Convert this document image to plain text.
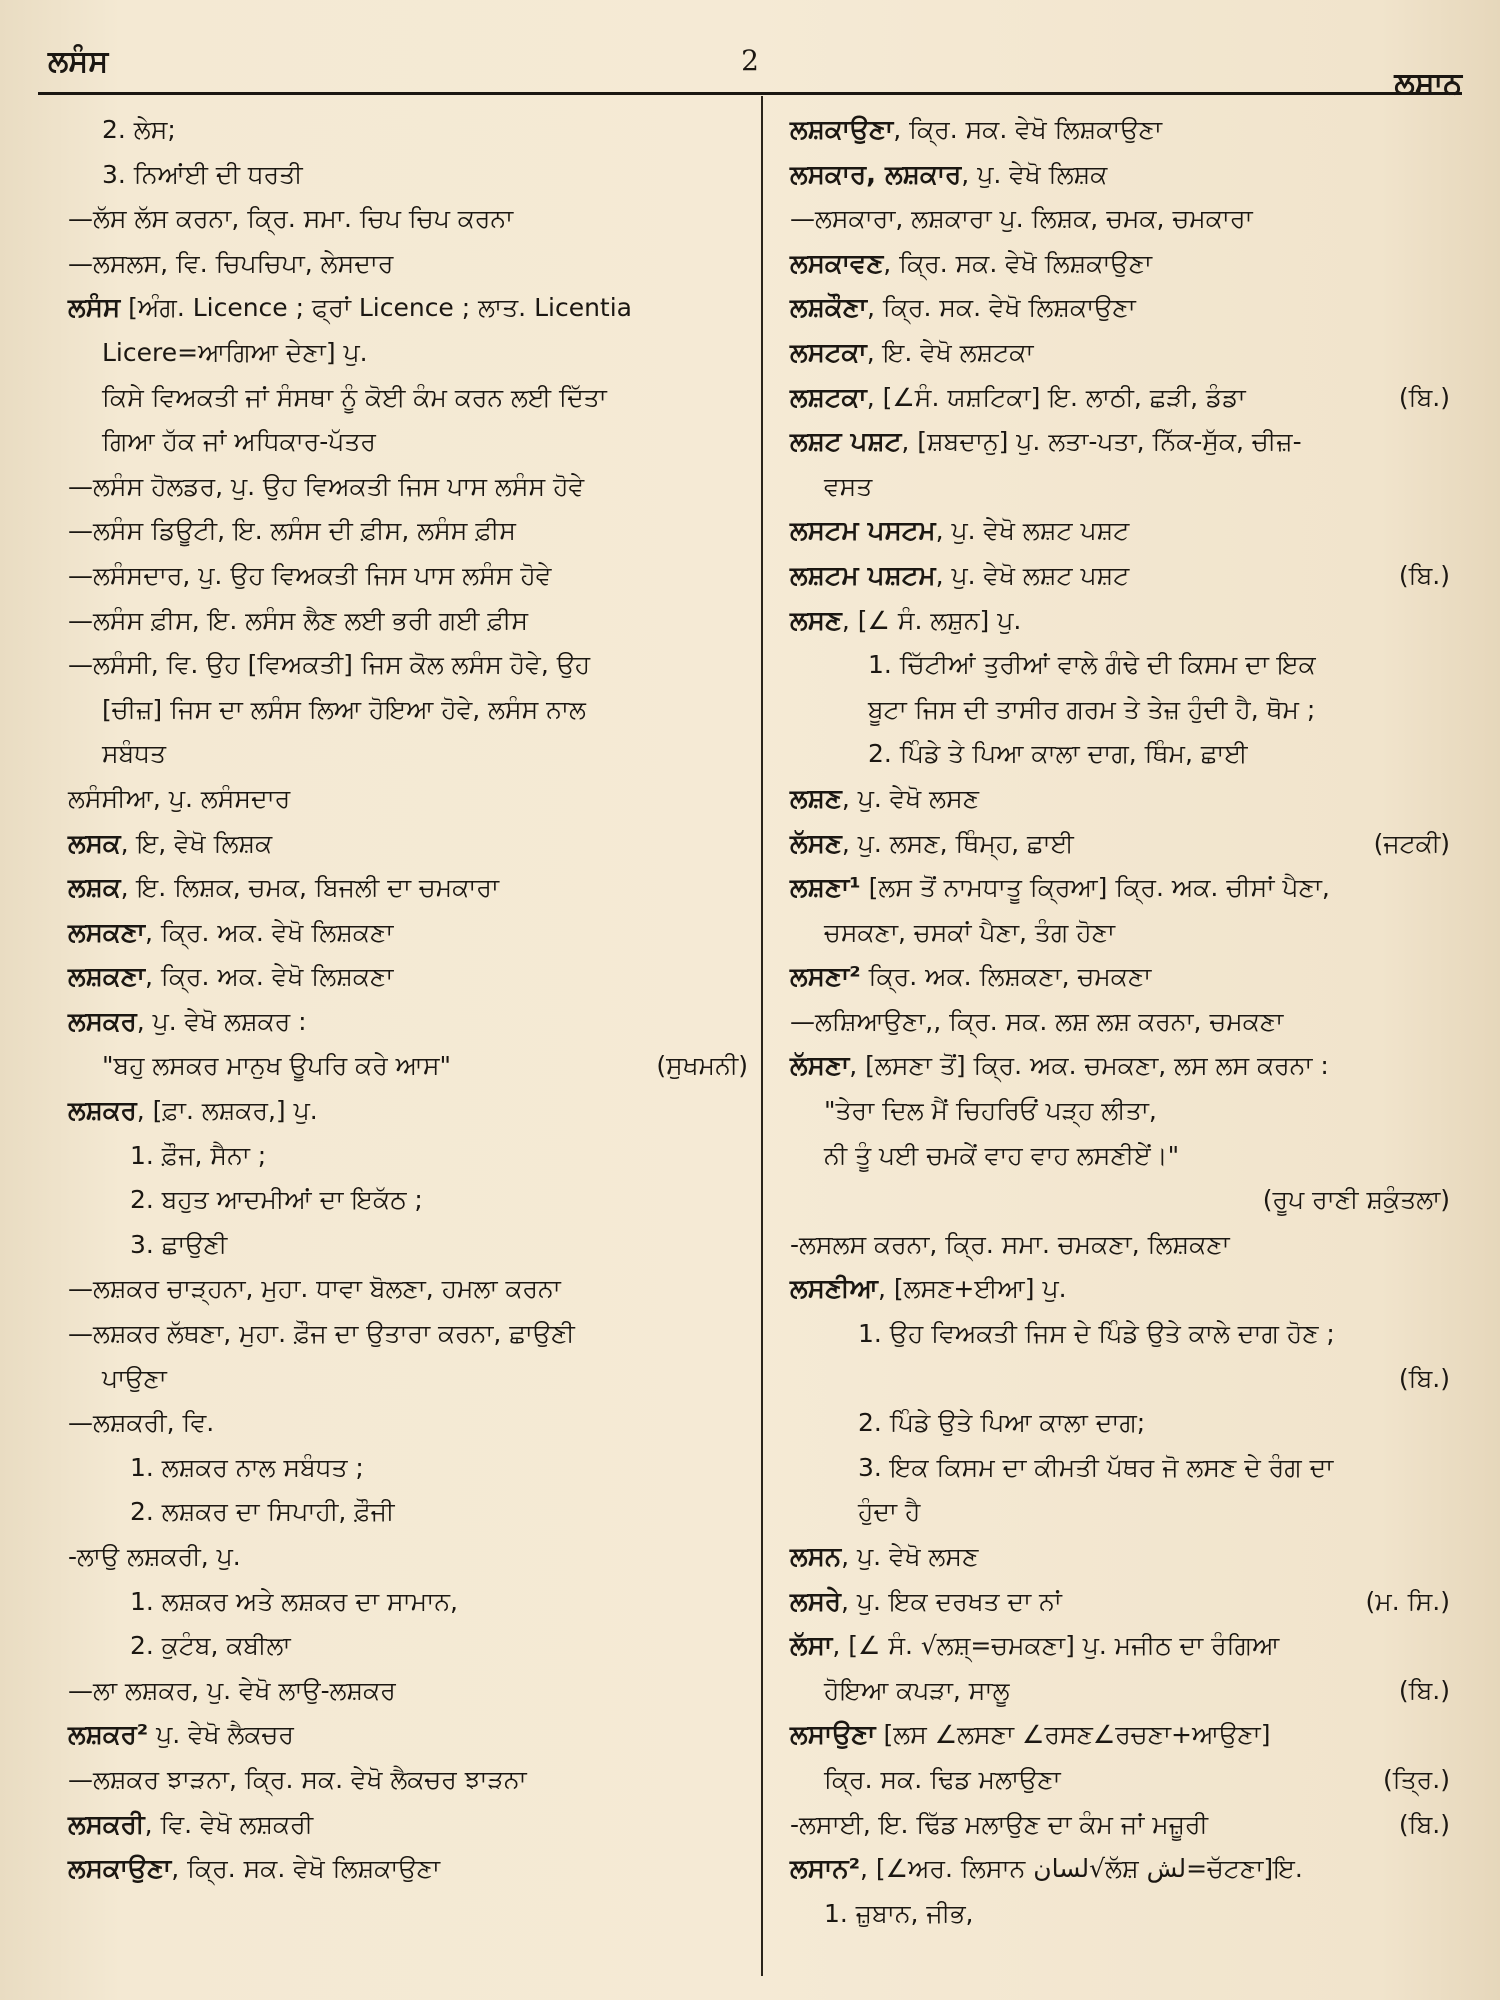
ਲਸੰਸ	2
ਲਸਾਨ
2. ਲੇਸ;
3. ਨਿਆਂਈ ਦੀ ਧਰਤੀ
—ਲੱਸ ਲੱਸ ਕਰਨਾ, ਕ੍ਰਿ. ਸਮਾ. ਚਿਪ ਚਿਪ ਕਰਨਾ
—ਲਸਲਸ, ਵਿ. ਚਿਪਚਿਪਾ, ਲੇਸਦਾਰ
ਲਸੰਸ [ਅੰਗ. Licence ; ਫ੍ਰਾਂ Licence ; ਲਾਤ. Licentia
Licere=ਆਗਿਆ ਦੇਣਾ] ਪੁ.
ਕਿਸੇ ਵਿਅਕਤੀ ਜਾਂ ਸੰਸਥਾ ਨੂੰ ਕੋਈ ਕੰਮ ਕਰਨ ਲਈ ਦਿੱਤਾ
ਗਿਆ ਹੱਕ ਜਾਂ ਅਧਿਕਾਰ-ਪੱਤਰ
—ਲਸੰਸ ਹੋਲਡਰ, ਪੁ. ਉਹ ਵਿਅਕਤੀ ਜਿਸ ਪਾਸ ਲਸੰਸ ਹੋਵੇ
—ਲਸੰਸ ਡਿਊਟੀ, ਇ. ਲਸੰਸ ਦੀ ਫ਼ੀਸ, ਲਸੰਸ ਫ਼ੀਸ
—ਲਸੰਸਦਾਰ, ਪੁ. ਉਹ ਵਿਅਕਤੀ ਜਿਸ ਪਾਸ ਲਸੰਸ ਹੋਵੇ
—ਲਸੰਸ ਫ਼ੀਸ, ਇ. ਲਸੰਸ ਲੈਣ ਲਈ ਭਰੀ ਗਈ ਫ਼ੀਸ
—ਲਸੰਸੀ, ਵਿ. ਉਹ [ਵਿਅਕਤੀ] ਜਿਸ ਕੋਲ ਲਸੰਸ ਹੋਵੇ, ਉਹ
[ਚੀਜ਼] ਜਿਸ ਦਾ ਲਸੰਸ ਲਿਆ ਹੋਇਆ ਹੋਵੇ, ਲਸੰਸ ਨਾਲ
ਸਬੰਧਤ
ਲਸੰਸੀਆ, ਪੁ. ਲਸੰਸਦਾਰ
ਲਸਕ, ਇ, ਵੇਖੋ ਲਿਸ਼ਕ
ਲਸ਼ਕ, ਇ. ਲਿਸ਼ਕ, ਚਮਕ, ਬਿਜਲੀ ਦਾ ਚਮਕਾਰਾ
ਲਸਕਣਾ, ਕ੍ਰਿ. ਅਕ. ਵੇਖੋ ਲਿਸ਼ਕਣਾ
ਲਸ਼ਕਣਾ, ਕ੍ਰਿ. ਅਕ. ਵੇਖੋ ਲਿਸ਼ਕਣਾ
ਲਸਕਰ, ਪੁ. ਵੇਖੋ ਲਸ਼ਕਰ :
"ਬਹੁ ਲਸਕਰ ਮਾਨੁਖ ਊਪਰਿ ਕਰੇ ਆਸ"	(ਸੁਖਮਨੀ)
ਲਸ਼ਕਰ, [ਫ਼ਾ. ਲਸ਼ਕਰ,] ਪੁ.
1. ਫ਼ੌਜ, ਸੈਨਾ ;
2. ਬਹੁਤ ਆਦਮੀਆਂ ਦਾ ਇਕੱਠ ;
3. ਛਾਉਣੀ
—ਲਸ਼ਕਰ ਚਾੜ੍ਹਨਾ, ਮੁਹਾ. ਧਾਵਾ ਬੋਲਣਾ, ਹਮਲਾ ਕਰਨਾ
—ਲਸ਼ਕਰ ਲੱਥਣਾ, ਮੁਹਾ. ਫ਼ੌਜ ਦਾ ਉਤਾਰਾ ਕਰਨਾ, ਛਾਉਣੀ
ਪਾਉਣਾ
—ਲਸ਼ਕਰੀ, ਵਿ.
1. ਲਸ਼ਕਰ ਨਾਲ ਸਬੰਧਤ ;
2. ਲਸ਼ਕਰ ਦਾ ਸਿਪਾਹੀ, ਫ਼ੌਜੀ
-ਲਾਉ ਲਸ਼ਕਰੀ, ਪੁ.
1. ਲਸ਼ਕਰ ਅਤੇ ਲਸ਼ਕਰ ਦਾ ਸਾਮਾਨ,
2. ਕੁਟੰਬ, ਕਬੀਲਾ
—ਲਾ ਲਸ਼ਕਰ, ਪੁ. ਵੇਖੋ ਲਾਉ-ਲਸ਼ਕਰ
ਲਸ਼ਕਰ² ਪੁ. ਵੇਖੋ ਲੈਕਚਰ
—ਲਸ਼ਕਰ ਝਾੜਨਾ, ਕ੍ਰਿ. ਸਕ. ਵੇਖੋ ਲੈਕਚਰ ਝਾੜਨਾ
ਲਸਕਰੀ, ਵਿ. ਵੇਖੋ ਲਸ਼ਕਰੀ
ਲਸਕਾਉਣਾ, ਕ੍ਰਿ. ਸਕ. ਵੇਖੋ ਲਿਸ਼ਕਾਉਣਾ
ਲਸ਼ਕਾਉਣਾ, ਕ੍ਰਿ. ਸਕ. ਵੇਖੋ ਲਿਸ਼ਕਾਉਣਾ
ਲਸਕਾਰ, ਲਸ਼ਕਾਰ, ਪੁ. ਵੇਖੋ ਲਿਸ਼ਕ
—ਲਸਕਾਰਾ, ਲਸ਼ਕਾਰਾ ਪੁ. ਲਿਸ਼ਕ, ਚਮਕ, ਚਮਕਾਰਾ
ਲਸਕਾਵਣ, ਕ੍ਰਿ. ਸਕ. ਵੇਖੋ ਲਿਸ਼ਕਾਉਣਾ
ਲਸ਼ਕੌਣਾ, ਕ੍ਰਿ. ਸਕ. ਵੇਖੋ ਲਿਸ਼ਕਾਉਣਾ
ਲਸਟਕਾ, ਇ. ਵੇਖੋ ਲਸ਼ਟਕਾ
ਲਸ਼ਟਕਾ, [∠ਸੰ. ਯਸ਼ਟਿਕਾ] ਇ. ਲਾਠੀ, ਛੜੀ, ਡੰਡਾ	(ਬਿ.)
ਲਸ਼ਟ ਪਸ਼ਟ, [ਸ਼ਬਦਾਨੁ] ਪੁ. ਲਤਾ-ਪਤਾ, ਨਿੱਕ-ਸੁੱਕ, ਚੀਜ਼-
ਵਸਤ
ਲਸਟਮ ਪਸਟਮ, ਪੁ. ਵੇਖੋ ਲਸ਼ਟ ਪਸ਼ਟ
ਲਸ਼ਟਮ ਪਸ਼ਟਮ, ਪੁ. ਵੇਖੋ ਲਸ਼ਟ ਪਸ਼ਟ	(ਬਿ.)
ਲਸਣ, [∠ ਸੰ. ਲਸ਼ੁਨ] ਪੁ.
1. ਚਿੱਟੀਆਂ ਤੁਰੀਆਂ ਵਾਲੇ ਗੰਢੇ ਦੀ ਕਿਸਮ ਦਾ ਇਕ
ਬੂਟਾ ਜਿਸ ਦੀ ਤਾਸੀਰ ਗਰਮ ਤੇ ਤੇਜ਼ ਹੁੰਦੀ ਹੈ, ਥੋਮ ;
2. ਪਿੰਡੇ ਤੇ ਪਿਆ ਕਾਲਾ ਦਾਗ, ਥਿੰਮ, ਛਾਈ
ਲਸ਼ਣ, ਪੁ. ਵੇਖੋ ਲਸਣ
ਲੱਸਣ, ਪੁ. ਲਸਣ, ਥਿੰਮ੍ਹ, ਛਾਈ	(ਜਟਕੀ)
ਲਸ਼ਣਾ¹ [ਲਸ ਤੋਂ ਨਾਮਧਾਤੂ ਕ੍ਰਿਆ] ਕ੍ਰਿ. ਅਕ. ਚੀਸਾਂ ਪੈਣਾ,
ਚਸਕਣਾ, ਚਸਕਾਂ ਪੈਣਾ, ਤੰਗ ਹੋਣਾ
ਲਸਣਾ² ਕ੍ਰਿ. ਅਕ. ਲਿਸ਼ਕਣਾ, ਚਮਕਣਾ
—ਲਸ਼ਿਆਉਣਾ,, ਕ੍ਰਿ. ਸਕ. ਲਸ਼ ਲਸ਼ ਕਰਨਾ, ਚਮਕਣਾ
ਲੱਸਣਾ, [ਲਸਣਾ ਤੋਂ] ਕ੍ਰਿ. ਅਕ. ਚਮਕਣਾ, ਲਸ ਲਸ ਕਰਨਾ :
"ਤੇਰਾ ਦਿਲ ਮੈਂ ਚਿਹਰਿਓਂ ਪੜ੍ਹ ਲੀਤਾ,
ਨੀ ਤੂੰ ਪਈ ਚਮਕੇਂ ਵਾਹ ਵਾਹ ਲਸਣੀਏਂ।"
(ਰੂਪ ਰਾਣੀ ਸ਼ਕੁੰਤਲਾ)
-ਲਸਲਸ ਕਰਨਾ, ਕ੍ਰਿ. ਸਮਾ. ਚਮਕਣਾ, ਲਿਸ਼ਕਣਾ
ਲਸਣੀਆ, [ਲਸਣ+ਈਆ] ਪੁ.
1. ਉਹ ਵਿਅਕਤੀ ਜਿਸ ਦੇ ਪਿੰਡੇ ਉਤੇ ਕਾਲੇ ਦਾਗ ਹੋਣ ;
(ਬਿ.)
2. ਪਿੰਡੇ ਉਤੇ ਪਿਆ ਕਾਲਾ ਦਾਗ;
3. ਇਕ ਕਿਸਮ ਦਾ ਕੀਮਤੀ ਪੱਥਰ ਜੋ ਲਸਣ ਦੇ ਰੰਗ ਦਾ
ਹੁੰਦਾ ਹੈ
ਲਸਨ, ਪੁ. ਵੇਖੋ ਲਸਣ
ਲਸਰੇ, ਪੁ. ਇਕ ਦਰਖਤ ਦਾ ਨਾਂ	(ਮ. ਸਿ.)
ਲੱਸਾ, [∠ ਸੰ. √ਲਸ਼੍=ਚਮਕਣਾ] ਪੁ. ਮਜੀਠ ਦਾ ਰੰਗਿਆ
ਹੋਇਆ ਕਪੜਾ, ਸਾਲੂ	(ਬਿ.)
ਲਸਾਉਣਾ [ਲਸ ∠ਲਸਣਾ ∠ਰਸਣ∠ਰਚਣਾ+ਆਉਣਾ]
ਕ੍ਰਿ. ਸਕ. ਢਿਡ ਮਲਾਉਣਾ	(ਤ੍ਰਿ.)
-ਲਸਾਈ, ਇ. ਢਿੱਡ ਮਲਾਉਣ ਦਾ ਕੰਮ ਜਾਂ ਮਜ਼ੂਰੀ	(ਬਿ.)
ਲਸਾਨ², [∠ਅਰ. ਲਿਸਾਨ لسان√ਲੱਸ਼ لش=ਚੱਟਣਾ]ਇ.
1. ਜ਼ੁਬਾਨ, ਜੀਭ,
